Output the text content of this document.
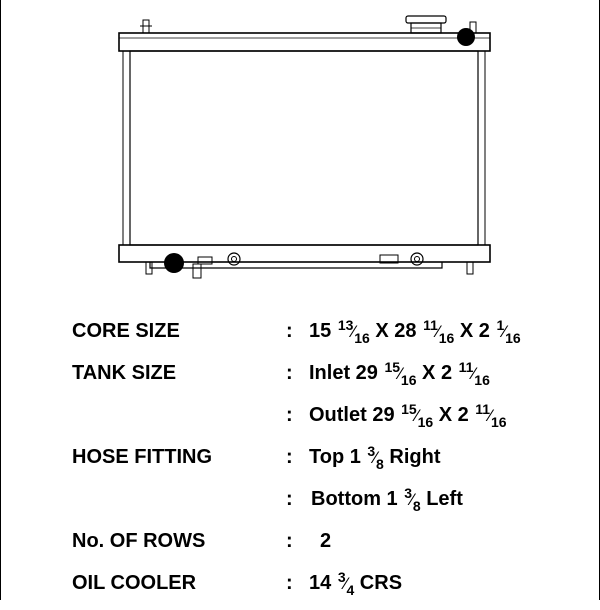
CORE SIZE	: 15 13⁄16 X 28 11⁄16 X 2 1⁄16
TANK SIZE	: Inlet 29 15⁄16 X 2 11⁄16
: Outlet 29 15⁄16 X 2 11⁄16
HOSE FITTING	: Top 1 3⁄8 Right
: Bottom 1 3⁄8 Left
No. OF ROWS	: 2
OIL COOLER	: 14 3⁄4 CRS
